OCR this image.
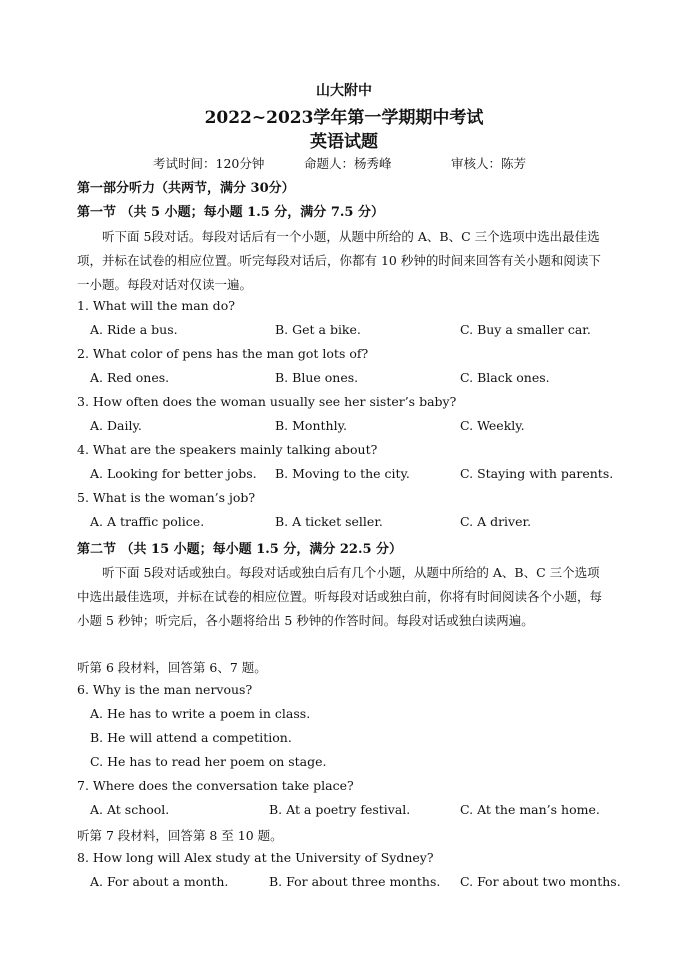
山大附中
2022~2023学年第一学期期中考试
英语试题
考试时间：120分钟	命题人：杨秀峰	审核人：陈芳
第一部分听力（共两节，满分 30分）
第一节 （共 5 小题；每小题 1.5 分，满分 7.5 分）

听下面 5段对话。每段对话后有一个小题，从题中所给的 A、B、C 三个选项中选出最佳选项，并标在试卷的相应位置。听完每段对话后，你都有 10 秒钟的时间来回答有关小题和阅读下一小题。每段对话对仅读一遍。

1. What will the man do?
A. Ride a bus.	B. Get a bike.	C. Buy a smaller car.
2. What color of pens has the man got lots of?
A. Red ones.	B. Blue ones.	C. Black ones.
3. How often does the woman usually see her sister’s baby?
A. Daily.	B. Monthly.	C. Weekly.
4. What are the speakers mainly talking about?
A. Looking for better jobs. B. Moving to the city.	C. Staying with parents.
5. What is the woman’s job?
A. A traffic police.	B. A ticket seller.	C. A driver.
第二节 （共 15 小题；每小题 1.5 分，满分 22.5 分）

听下面 5段对话或独白。每段对话或独白后有几个小题，从题中所给的 A、B、C 三个选项中选出最佳选项，并标在试卷的相应位置。听每段对话或独白前，你将有时间阅读各个小题，每小题 5 秒钟；听完后，各小题将给出 5 秒钟的作答时间。每段对话或独白读两遍。

听第 6 段材料，回答第 6、7 题。
6. Why is the man nervous?
A. He has to write a poem in class.
B. He will attend a competition.
C. He has to read her poem on stage.
7. Where does the conversation take place?
A. At school.	B. At a poetry festival.	C. At the man’s home.
听第 7 段材料，回答第 8 至 10 题。
8. How long will Alex study at the University of Sydney?
A. For about a month.	B. For about three months. C. For about two months.
